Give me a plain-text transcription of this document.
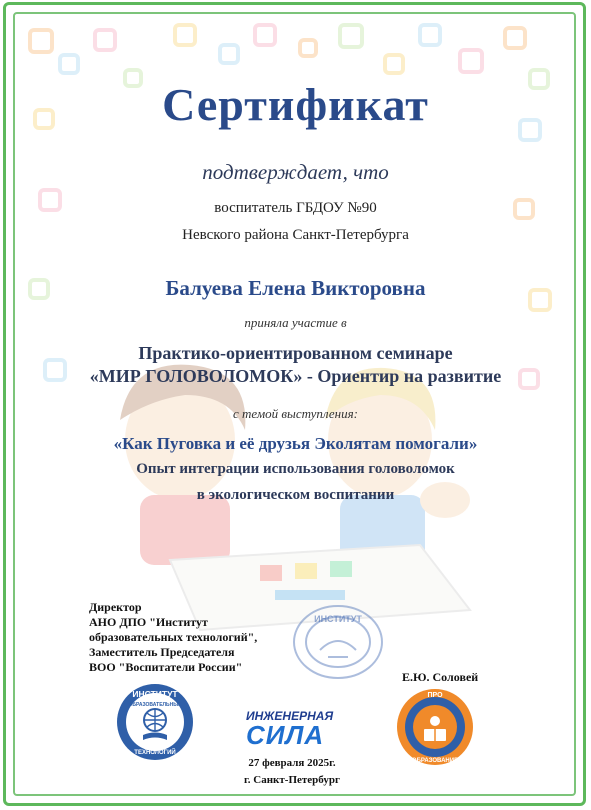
Сертификат
подтверждает, что
воспитатель ГБДОУ №90
Невского района Санкт-Петербурга
Балуева Елена Викторовна
приняла участие в
Практико-ориентированном семинаре
«МИР ГОЛОВОЛОМОК» - Ориентир на развитие
с темой выступления:
«Как Пуговка и её друзья Эколятам помогали»
Опыт интеграции использования головоломок
в экологическом воспитании
Директор
АНО ДПО "Институт
образовательных технологий",
Заместитель Председателя
ВОО "Воспитатели России"
ИНСТИТУТ
Е.Ю. Соловей
ИНСТИТУТ
ОБРАЗОВАТЕЛЬНЫХ
ТЕХНОЛОГИЙ
ИНЖЕНЕРНАЯ
СИЛА
27 февраля 2025г.
г. Санкт-Петербург
ПРО
ОБРАЗОВАНИЕ
